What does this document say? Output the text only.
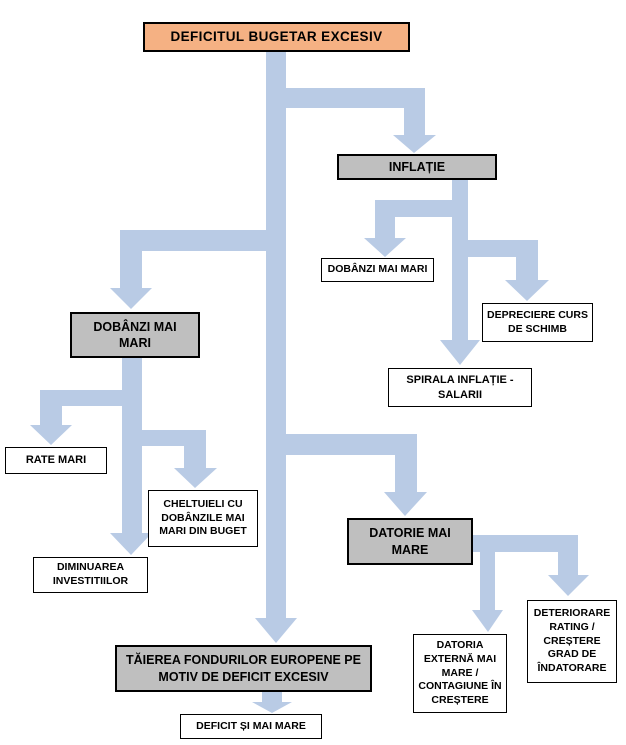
DEFICITUL BUGETAR EXCESIV
INFLAȚIE
DOBÂNZI MAI MARI
DEPRECIERE CURS DE SCHIMB
SPIRALA INFLAȚIE - SALARII
DOBÂNZI MAI MARI
RATE MARI
CHELTUIELI CU DOBÂNZILE MAI MARI DIN BUGET
DIMINUAREA INVESTITIILOR
DATORIE MAI MARE
DATORIA EXTERNĂ MAI MARE / CONTAGIUNE ÎN CREȘTERE
DETERIORARE RATING / CREȘTERE GRAD DE ÎNDATORARE
TĂIEREA FONDURILOR EUROPENE PE MOTIV DE DEFICIT EXCESIV
DEFICIT ȘI MAI MARE
